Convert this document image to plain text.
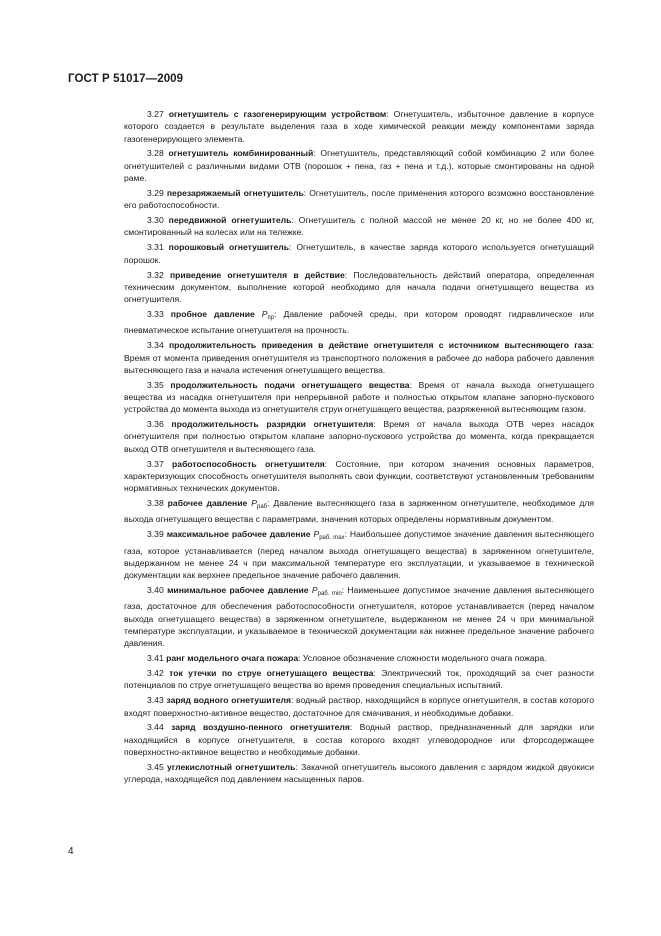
ГОСТ Р 51017—2009

3.27 огнетушитель с газогенерирующим устройством: Огнетушитель, избыточное давление в корпусе которого создается в результате выделения газа в ходе химической реакции между компонентами заряда газогенерирующего элемента.

3.28 огнетушитель комбинированный: Огнетушитель, представляющий собой комбинацию 2 или более огнетушителей с различными видами ОТВ (порошок + пена, газ + пена и т.д.), которые смонтированы на одной раме.

3.29 перезаряжаемый огнетушитель: Огнетушитель, после применения которого возможно восстановление его работоспособности.

3.30 передвижной огнетушитель: Огнетушитель с полной массой не менее 20 кг, но не более 400 кг, смонтированный на колесах или на тележке.

3.31 порошковый огнетушитель: Огнетушитель, в качестве заряда которого используется огнетушащий порошок.

3.32 приведение огнетушителя в действие: Последовательность действий оператора, определенная техническим документом, выполнение которой необходимо для начала подачи огнетушащего вещества из огнетушителя.

3.33 пробное давление $P_{пр}$: Давление рабочей среды, при котором проводят гидравлическое или пневматическое испытание огнетушителя на прочность.

3.34 продолжительность приведения в действие огнетушителя с источником вытесняющего газа: Время от момента приведения огнетушителя из транспортного положения в рабочее до набора рабочего давления вытесняющего газа и начала истечения огнетушащего вещества.

3.35 продолжительность подачи огнетушащего вещества: Время от начала выхода огнетушащего вещества из насадка огнетушителя при непрерывной работе и полностью открытом клапане запорно-пускового устройства до момента выхода из огнетушителя струи огнетушащего вещества, разряженной вытесняющим газом.

3.36 продолжительность разрядки огнетушителя: Время от начала выхода ОТВ через насадок огнетушителя при полностью открытом клапане запорно-пускового устройства до момента, когда прекращается выход ОТВ огнетушителя и вытесняющего газа.

3.37 работоспособность огнетушителя: Состояние, при котором значения основных параметров, характеризующих способность огнетушителя выполнять свои функции, соответствуют установленным требованиям нормативных технических документов.

3.38 рабочее давление $P_{раб}$: Давление вытесняющего газа в заряженном огнетушителе, необходимое для выхода огнетушащего вещества с параметрами, значения которых определены нормативным документом.

3.39 максимальное рабочее давление $P_{раб. max}$: Наибольшее допустимое значение давления вытесняющего газа, которое устанавливается (перед началом выхода огнетушащего вещества) в заряженном огнетушителе, выдержанном не менее 24 ч при максимальной температуре его эксплуатации, и указываемое в технической документации как верхнее предельное значение рабочего давления.

3.40 минимальное рабочее давление $P_{раб. min}$: Наименьшее допустимое значение давления вытесняющего газа, достаточное для обеспечения работоспособности огнетушителя, которое устанавливается (перед началом выхода огнетушащего вещества) в заряженном огнетушителе, выдержанном не менее 24 ч при минимальной температуре эксплуатации, и указываемое в технической документации как нижнее предельное значение рабочего давления.

3.41 ранг модельного очага пожара: Условное обозначение сложности модельного очага пожара.

3.42 ток утечки по струе огнетушащего вещества: Электрический ток, проходящий за счет разности потенциалов по струе огнетушащего вещества во время проведения специальных испытаний.

3.43 заряд водного огнетушителя: водный раствор, находящийся в корпусе огнетушителя, в состав которого входят поверхностно-активное вещество, достаточное для смачивания, и необходимые добавки.

3.44 заряд воздушно-пенного огнетушителя: Водный раствор, предназначенный для зарядки или находящийся в корпусе огнетушителя, в состав которого входят углеводородное или фторсодержащее поверхностно-активное вещество и необходимые добавки.

3.45 углекислотный огнетушитель: Закачной огнетушитель высокого давления с зарядом жидкой двуокиси углерода, находящейся под давлением насыщенных паров.

4
